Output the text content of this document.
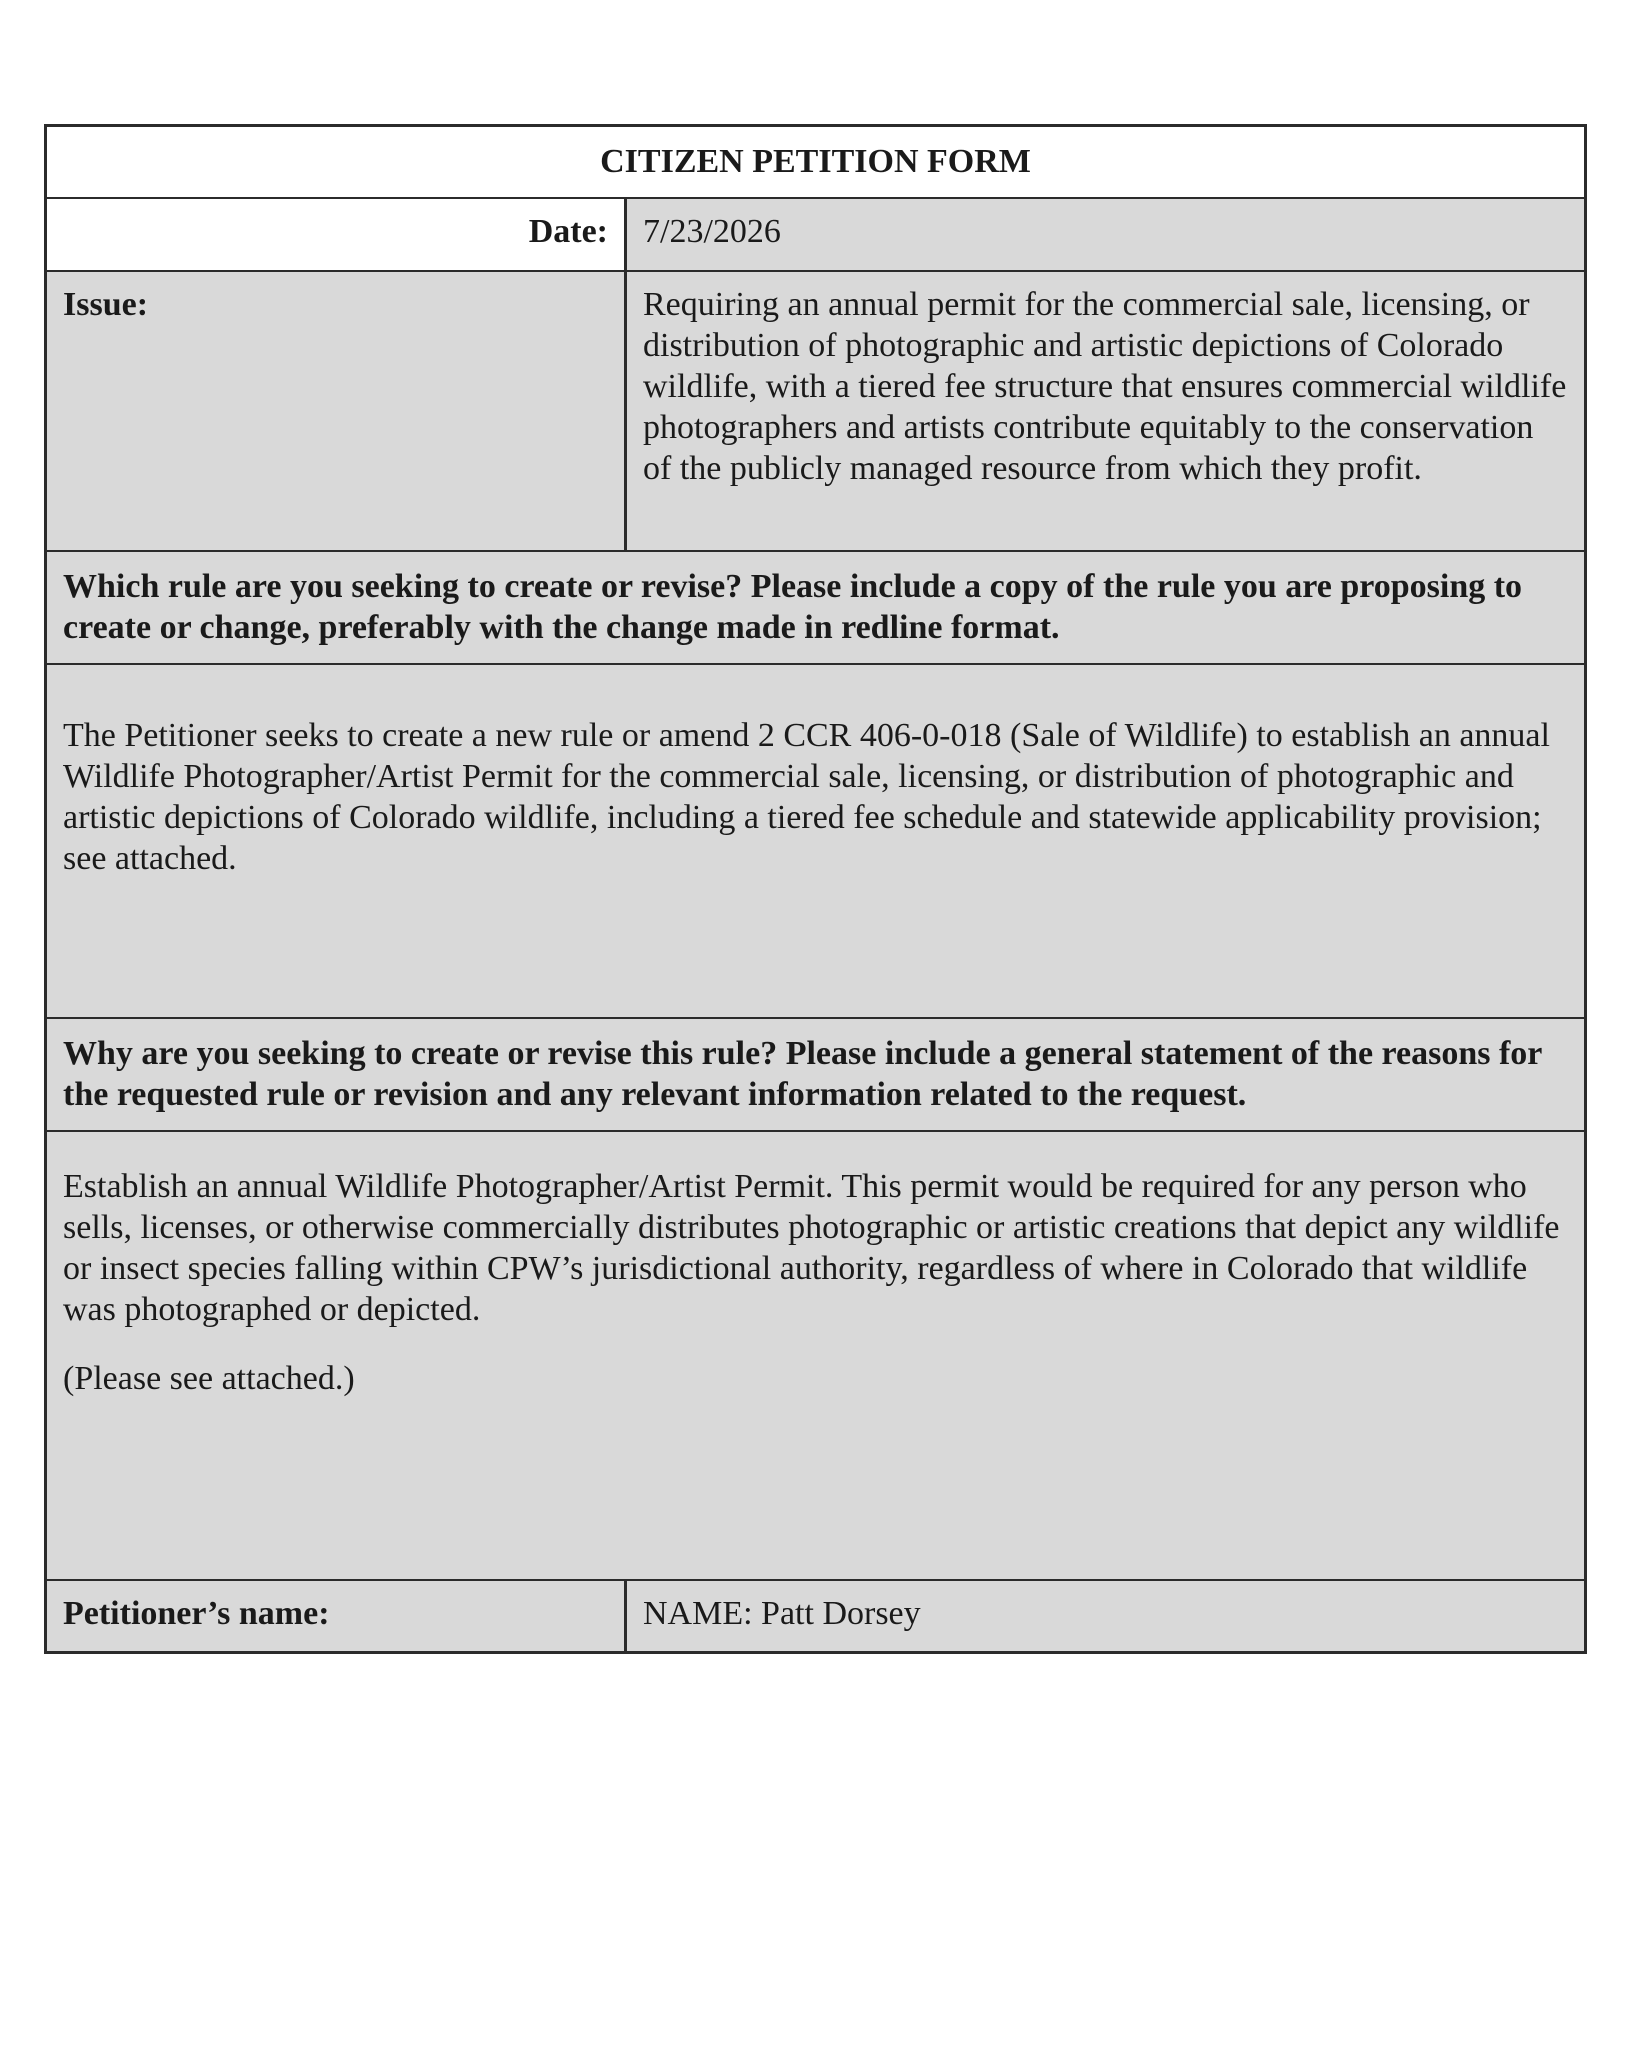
CITIZEN PETITION FORM
Date:	7/23/2026
Issue:	Requiring an annual permit for the commercial sale, licensing, or distribution of photographic and artistic depictions of Colorado wildlife, with a tiered fee structure that ensures commercial wildlife photographers and artists contribute equitably to the conservation of the publicly managed resource from which they profit.
Which rule are you seeking to create or revise? Please include a copy of the rule you are proposing to create or change, preferably with the change made in redline format.
The Petitioner seeks to create a new rule or amend 2 CCR 406-0-018 (Sale of Wildlife) to establish an annual Wildlife Photographer/Artist Permit for the commercial sale, licensing, or distribution of photographic and artistic depictions of Colorado wildlife, including a tiered fee schedule and statewide applicability provision; see attached.
Why are you seeking to create or revise this rule? Please include a general statement of the reasons for the requested rule or revision and any relevant information related to the request.
Establish an annual Wildlife Photographer/Artist Permit. This permit would be required for any person who sells, licenses, or otherwise commercially distributes photographic or artistic creations that depict any wildlife or insect species falling within CPW’s jurisdictional authority, regardless of where in Colorado that wildlife was photographed or depicted.
(Please see attached.)
Petitioner’s name:	NAME: Patt Dorsey
